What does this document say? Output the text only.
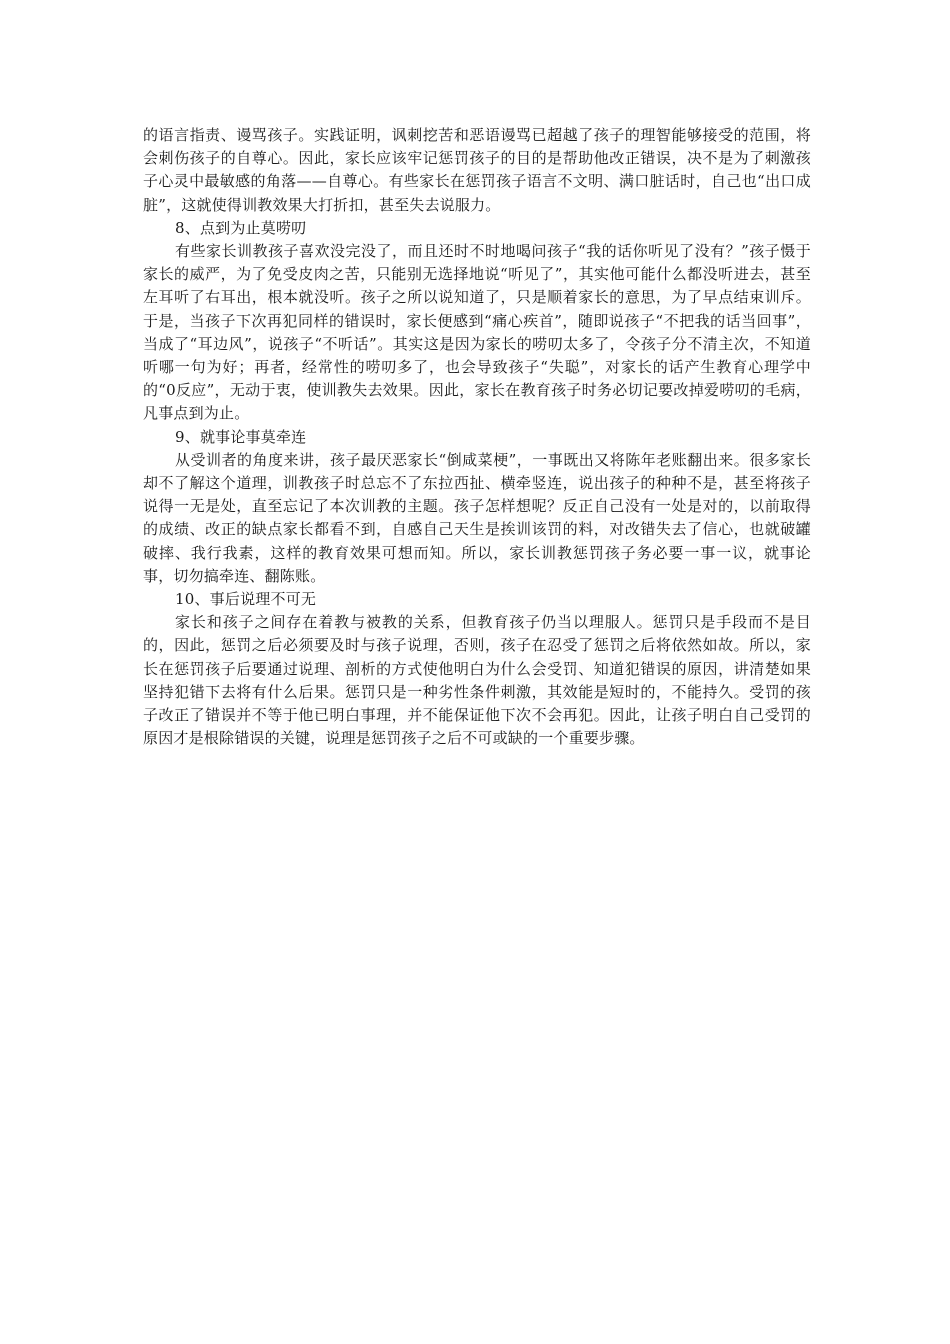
的语言指责、谩骂孩子。实践证明，讽刺挖苦和恶语谩骂已超越了孩子的理智能够接受的范围，将会刺伤孩子的自尊心。因此，家长应该牢记惩罚孩子的目的是帮助他改正错误，决不是为了刺激孩子心灵中最敏感的角落——自尊心。有些家长在惩罚孩子语言不文明、满口脏话时，自己也“出口成脏”，这就使得训教效果大打折扣，甚至失去说服力。

8、点到为止莫唠叨

有些家长训教孩子喜欢没完没了，而且还时不时地喝问孩子“我的话你听见了没有？”孩子慑于家长的威严，为了免受皮肉之苦，只能别无选择地说“听见了”，其实他可能什么都没听进去，甚至左耳听了右耳出，根本就没听。孩子之所以说知道了，只是顺着家长的意思，为了早点结束训斥。于是，当孩子下次再犯同样的错误时，家长便感到“痛心疾首”，随即说孩子“不把我的话当回事”，当成了“耳边风”，说孩子“不听话”。其实这是因为家长的唠叨太多了，令孩子分不清主次，不知道听哪一句为好；再者，经常性的唠叨多了，也会导致孩子“失聪”，对家长的话产生教育心理学中的“0反应”，无动于衷，使训教失去效果。因此，家长在教育孩子时务必切记要改掉爱唠叨的毛病，凡事点到为止。

9、就事论事莫牵连

从受训者的角度来讲，孩子最厌恶家长“倒咸菜梗”，一事既出又将陈年老账翻出来。很多家长却不了解这个道理，训教孩子时总忘不了东拉西扯、横牵竖连，说出孩子的种种不是，甚至将孩子说得一无是处，直至忘记了本次训教的主题。孩子怎样想呢？反正自己没有一处是对的，以前取得的成绩、改正的缺点家长都看不到，自感自己天生是挨训该罚的料，对改错失去了信心，也就破罐破摔、我行我素，这样的教育效果可想而知。所以，家长训教惩罚孩子务必要一事一议，就事论事，切勿搞牵连、翻陈账。

10、事后说理不可无

家长和孩子之间存在着教与被教的关系，但教育孩子仍当以理服人。惩罚只是手段而不是目的，因此，惩罚之后必须要及时与孩子说理，否则，孩子在忍受了惩罚之后将依然如故。所以，家长在惩罚孩子后要通过说理、剖析的方式使他明白为什么会受罚、知道犯错误的原因，讲清楚如果坚持犯错下去将有什么后果。惩罚只是一种劣性条件刺激，其效能是短时的，不能持久。受罚的孩子改正了错误并不等于他已明白事理，并不能保证他下次不会再犯。因此，让孩子明白自己受罚的原因才是根除错误的关键，说理是惩罚孩子之后不可或缺的一个重要步骤。
